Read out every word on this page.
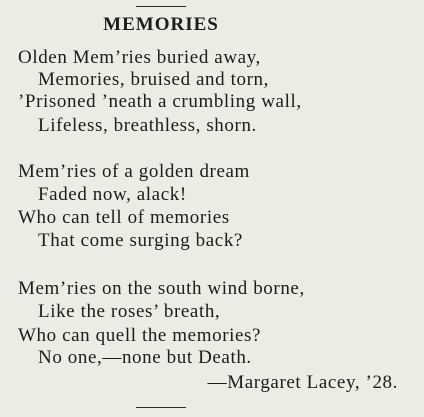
MEMORIES
Olden Mem’ries buried away,
Memories, bruised and torn,
’Prisoned ’neath a crumbling wall,
Lifeless, breathless, shorn.
Mem’ries of a golden dream
Faded now, alack!
Who can tell of memories
That come surging back?
Mem’ries on the south wind borne,
Like the roses’ breath,
Who can quell the memories?
No one,—none but Death.
—Margaret Lacey, ’28.
